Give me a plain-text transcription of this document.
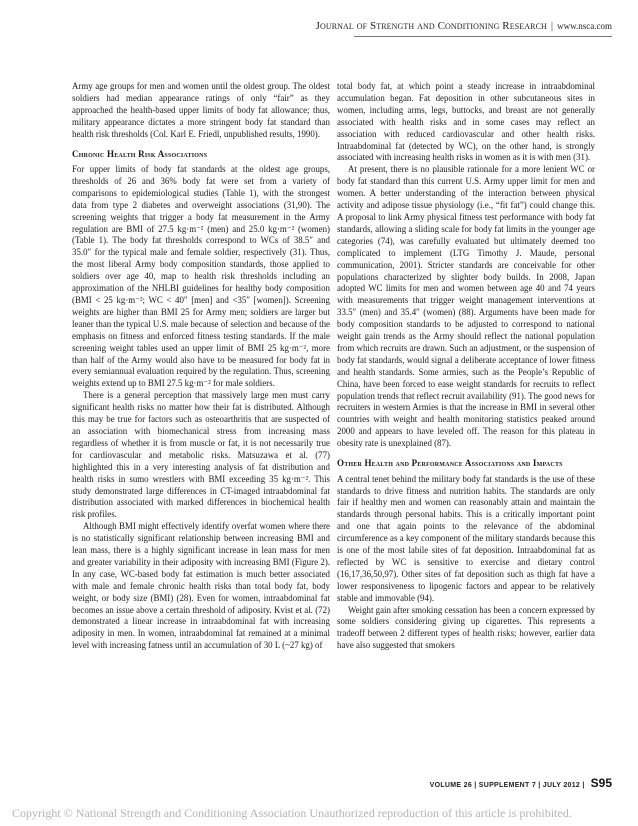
Journal of Strength and Conditioning Research | www.nsca.com

Army age groups for men and women until the oldest group. The oldest soldiers had median appearance ratings of only “fair” as they approached the health-based upper limits of body fat allowance; thus, military appearance dictates a more stringent body fat standard than health risk thresholds (Col. Karl E. Friedl, unpublished results, 1990).

Chronic Health Risk Associations

For upper limits of body fat standards at the oldest age groups, thresholds of 26 and 36% body fat were set from a variety of comparisons to epidemiological studies (Table 1), with the strongest data from type 2 diabetes and overweight associations (31,90). The screening weights that trigger a body fat measurement in the Army regulation are BMI of 27.5 kg·m⁻² (men) and 25.0 kg·m⁻² (women) (Table 1). The body fat thresholds correspond to WCs of 38.5″ and 35.0″ for the typical male and female soldier, respectively (31). Thus, the most liberal Army body composition standards, those applied to soldiers over age 40, map to health risk thresholds including an approximation of the NHLBI guidelines for healthy body composition (BMI < 25 kg·m⁻²; WC < 40″ [men] and <35″ [women]). Screening weights are higher than BMI 25 for Army men; soldiers are larger but leaner than the typical U.S. male because of selection and because of the emphasis on fitness and enforced fitness testing standards. If the male screening weight tables used an upper limit of BMI 25 kg·m⁻², more than half of the Army would also have to be measured for body fat in every semiannual evaluation required by the regulation. Thus, screening weights extend up to BMI 27.5 kg·m⁻² for male soldiers.

There is a general perception that massively large men must carry significant health risks no matter how their fat is distributed. Although this may be true for factors such as osteoarthritis that are suspected of an association with biomechanical stress from increasing mass regardless of whether it is from muscle or fat, it is not necessarily true for cardiovascular and metabolic risks. Matsuzawa et al. (77) highlighted this in a very interesting analysis of fat distribution and health risks in sumo wrestlers with BMI exceeding 35 kg·m⁻². This study demonstrated large differences in CT-imaged intraabdominal fat distribution associated with marked differences in biochemical health risk profiles.

Although BMI might effectively identify overfat women where there is no statistically significant relationship between increasing BMI and lean mass, there is a highly significant increase in lean mass for men and greater variability in their adiposity with increasing BMI (Figure 2). In any case, WC-based body fat estimation is much better associated with male and female chronic health risks than total body fat, body weight, or body size (BMI) (28). Even for women, intraabdominal fat becomes an issue above a certain threshold of adiposity. Kvist et al. (72) demonstrated a linear increase in intraabdominal fat with increasing adiposity in men. In women, intraabdominal fat remained at a minimal level with increasing fatness until an accumulation of 30 L (~27 kg) of

total body fat, at which point a steady increase in intraabdominal accumulation began. Fat deposition in other subcutaneous sites in women, including arms, legs, buttocks, and breast are not generally associated with health risks and in some cases may reflect an association with reduced cardiovascular and other health risks. Intraabdominal fat (detected by WC), on the other hand, is strongly associated with increasing health risks in women as it is with men (31).

At present, there is no plausible rationale for a more lenient WC or body fat standard than this current U.S. Army upper limit for men and women. A better understanding of the interaction between physical activity and adipose tissue physiology (i.e., “fit fat”) could change this. A proposal to link Army physical fitness test performance with body fat standards, allowing a sliding scale for body fat limits in the younger age categories (74), was carefully evaluated but ultimately deemed too complicated to implement (LTG Timothy J. Maude, personal communication, 2001). Stricter standards are conceivable for other populations characterized by slighter body builds. In 2008, Japan adopted WC limits for men and women between age 40 and 74 years with measurements that trigger weight management interventions at 33.5″ (men) and 35.4″ (women) (88). Arguments have been made for body composition standards to be adjusted to correspond to national weight gain trends as the Army should reflect the national population from which recruits are drawn. Such an adjustment, or the suspension of body fat standards, would signal a deliberate acceptance of lower fitness and health standards. Some armies, such as the People’s Republic of China, have been forced to ease weight standards for recruits to reflect population trends that reflect recruit availability (91). The good news for recruiters in western Armies is that the increase in BMI in several other countries with weight and health monitoring statistics peaked around 2000 and appears to have leveled off. The reason for this plateau in obesity rate is unexplained (87).

Other Health and Performance Associations and Impacts

A central tenet behind the military body fat standards is the use of these standards to drive fitness and nutrition habits. The standards are only fair if healthy men and women can reasonably attain and maintain the standards through personal habits. This is a critically important point and one that again points to the relevance of the abdominal circumference as a key component of the military standards because this is one of the most labile sites of fat deposition. Intraabdominal fat as reflected by WC is sensitive to exercise and dietary control (16,17,36,50,97). Other sites of fat deposition such as thigh fat have a lower responsiveness to lipogenic factors and appear to be relatively stable and immovable (94).

Weight gain after smoking cessation has been a concern expressed by some soldiers considering giving up cigarettes. This represents a tradeoff between 2 different types of health risks; however, earlier data have also suggested that smokers

VOLUME 26 | SUPPLEMENT 7 | JULY 2012 | S95
Copyright © National Strength and Conditioning Association Unauthorized reproduction of this article is prohibited.
